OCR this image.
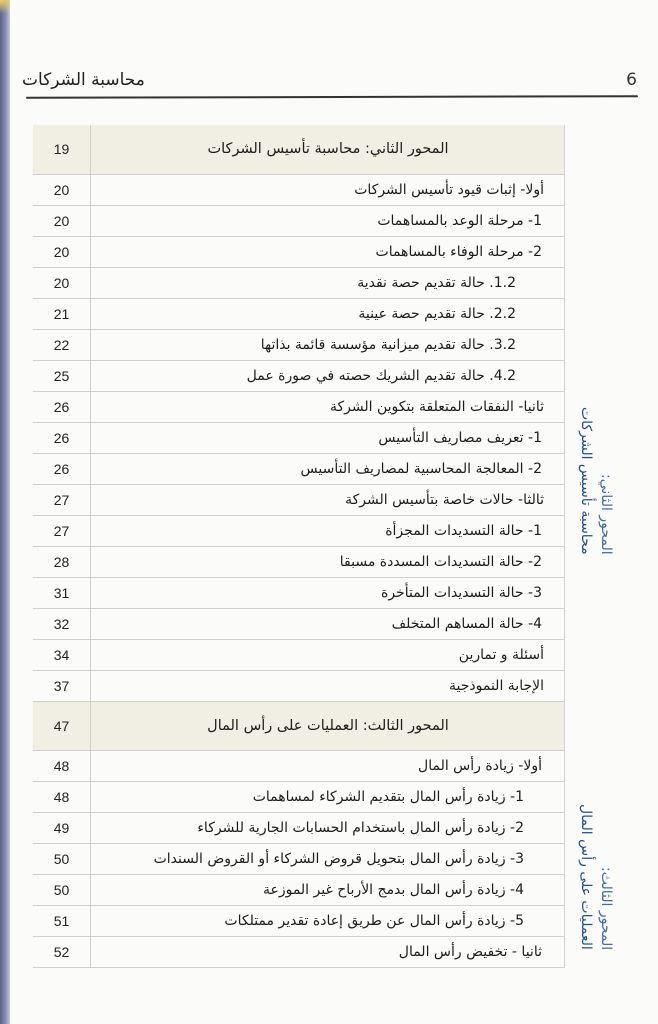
محاسبة الشركات	6
19	المحور الثاني: محاسبة تأسيس الشركات
20	أولا- إثبات قيود تأسيس الشركات
20	1- مرحلة الوعد بالمساهمات
20	2- مرحلة الوفاء بالمساهمات
20	1.2. حالة تقديم حصة نقدية
21	2.2. حالة تقديم حصة عينية
22	3.2. حالة تقديم ميزانية مؤسسة قائمة بذاتها
25	4.2. حالة تقديم الشريك حصته في صورة عمل
26	ثانيا- النفقات المتعلقة بتكوين الشركة
26	1- تعريف مصاريف التأسيس
26	2- المعالجة المحاسبية لمصاريف التأسيس
27	ثالثا- حالات خاصة بتأسيس الشركة
27	1- حالة التسديدات المجزأة
28	2- حالة التسديدات المسددة مسبقا
31	3- حالة التسديدات المتأخرة
32	4- حالة المساهم المتخلف
34	أسئلة و تمارين
37	الإجابة النموذجية
47	المحور الثالث: العمليات على رأس المال
48	أولا- زيادة رأس المال
48	1- زيادة رأس المال بتقديم الشركاء لمساهمات
49	2- زيادة رأس المال باستخدام الحسابات الجارية للشركاء
50	3- زيادة رأس المال بتحويل قروض الشركاء أو القروض السندات
50	4- زيادة رأس المال بدمج الأرباح غير الموزعة
51	5- زيادة رأس المال عن طريق إعادة تقدير ممتلكات
52	ثانيا - تخفيض رأس المال
المحور الثاني:
محاسبة تأسيس الشركات
المحور الثالث:
العمليات على رأس المال
